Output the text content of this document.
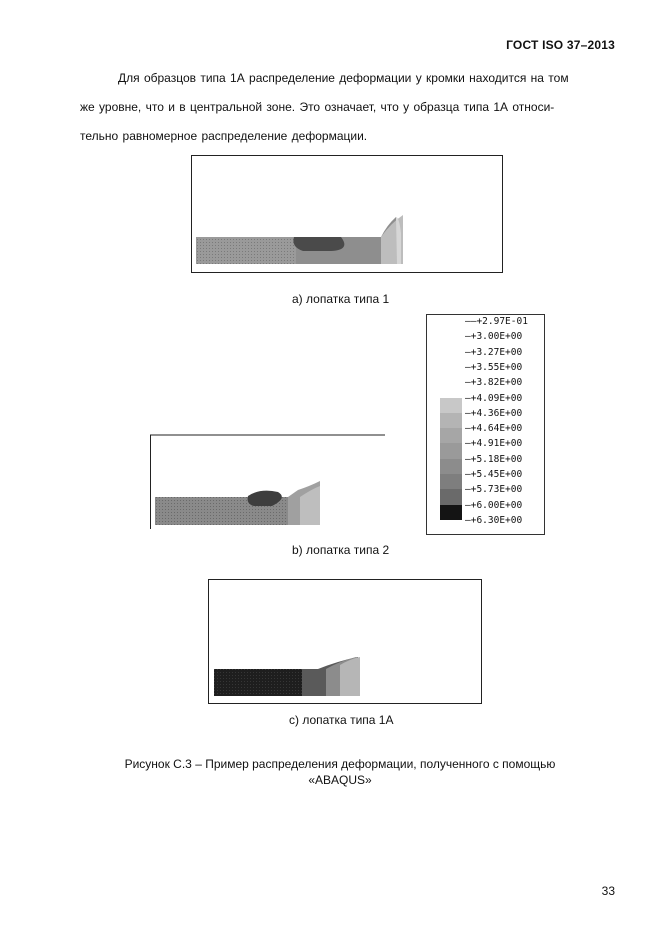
ГОСТ ISO 37–2013
Для образцов типа 1А распределение деформации у кромки находится на том
же уровне, что и в центральной зоне. Это означает, что у образца типа 1А относи-
тельно равномерное распределение деформации.
a) лопатка типа 1
——+2.97E-01
—+3.00E+00
—+3.27E+00
—+3.55E+00
—+3.82E+00
—+4.09E+00
—+4.36E+00
—+4.64E+00
—+4.91E+00
—+5.18E+00
—+5.45E+00
—+5.73E+00
—+6.00E+00
—+6.30E+00
b) лопатка типа 2
c) лопатка типа 1А
Рисунок С.3 – Пример распределения деформации, полученного с помощью
«ABAQUS»
33
